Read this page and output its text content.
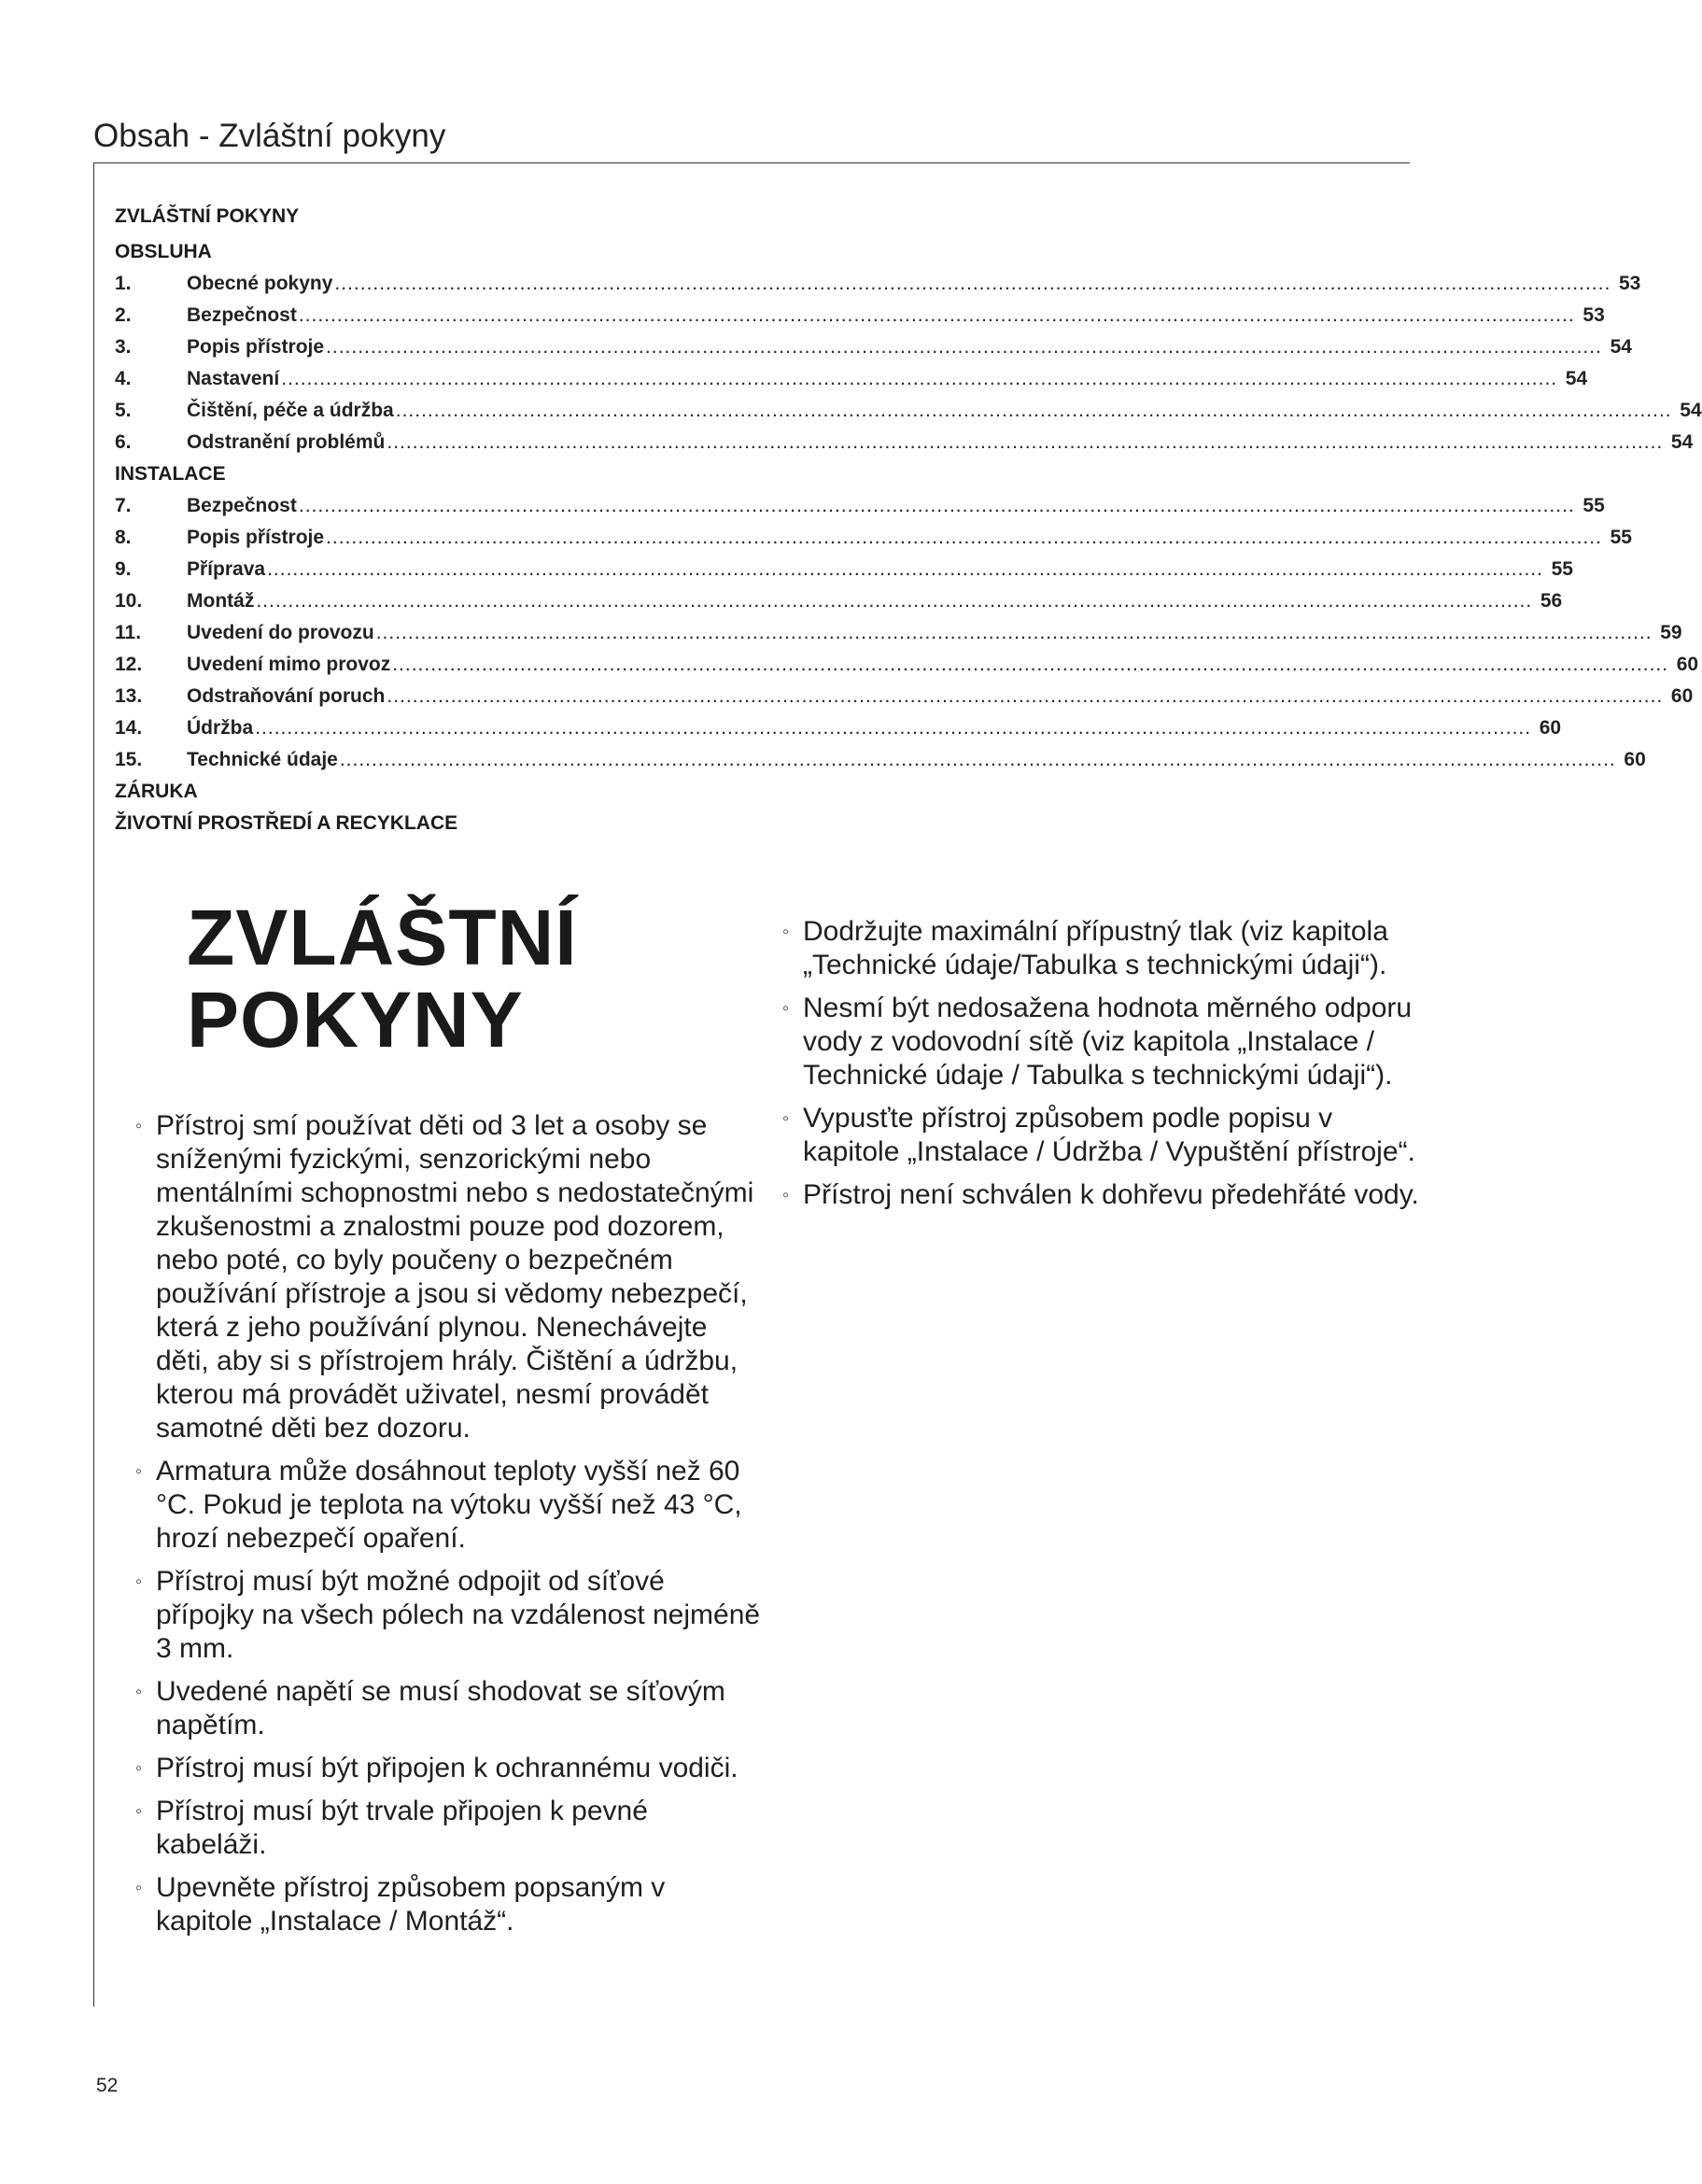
Obsah - Zvláštní pokyny
ZVLÁŠTNÍ POKYNY
OBSLUHA
1.	Obecné pokyny ........................................................................................................................................................................................................ 53
2.	Bezpečnost ........................................................................................................................................................................................................ 53
3.	Popis přístroje ........................................................................................................................................................................................................ 54
4.	Nastavení ........................................................................................................................................................................................................ 54
5.	Čištění, péče a údržba ........................................................................................................................................................................................................ 54
6.	Odstranění problémů ........................................................................................................................................................................................................ 54
INSTALACE
7.	Bezpečnost ........................................................................................................................................................................................................ 55
8.	Popis přístroje ........................................................................................................................................................................................................ 55
9.	Příprava ........................................................................................................................................................................................................ 55
10.	Montáž ........................................................................................................................................................................................................ 56
11.	Uvedení do provozu ........................................................................................................................................................................................................ 59
12.	Uvedení mimo provoz ........................................................................................................................................................................................................ 60
13.	Odstraňování poruch ........................................................................................................................................................................................................ 60
14.	Údržba ........................................................................................................................................................................................................ 60
15.	Technické údaje ........................................................................................................................................................................................................ 60
ZÁRUKA
ŽIVOTNÍ PROSTŘEDÍ A RECYKLACE
ZVLÁŠTNÍ
POKYNY
◦ Přístroj smí používat děti od 3 let a osoby se sníženými fyzickými, senzorickými nebo mentálními schopnostmi nebo s nedostatečnými zkušenostmi a znalostmi pouze pod dozorem, nebo poté, co byly poučeny o bezpečném používání přístroje a jsou si vědomy nebezpečí, která z jeho používání plynou. Nenechávejte děti, aby si s přístrojem hrály. Čištění a údržbu, kterou má provádět uživatel, nesmí provádět samotné děti bez dozoru.
◦ Armatura může dosáhnout teploty vyšší než 60 °C. Pokud je teplota na výtoku vyšší než 43 °C, hrozí nebezpečí opaření.
◦ Přístroj musí být možné odpojit od síťové přípojky na všech pólech na vzdálenost nejméně 3 mm.
◦ Uvedené napětí se musí shodovat se síťovým napětím.
◦ Přístroj musí být připojen k ochrannému vodiči.
◦ Přístroj musí být trvale připojen k pevné kabeláži.
◦ Upevněte přístroj způsobem popsaným v kapitole „Instalace / Montáž“.
◦ Dodržujte maximální přípustný tlak (viz kapitola „Technické údaje/Tabulka s technickými údaji“).
◦ Nesmí být nedosažena hodnota měrného odporu vody z vodovodní sítě (viz kapitola „Instalace / Technické údaje / Tabulka s technickými údaji“).
◦ Vypusťte přístroj způsobem podle popisu v kapitole „Instalace / Údržba / Vypuštění přístroje“.
◦ Přístroj není schválen k dohřevu předehřáté vody.
52
